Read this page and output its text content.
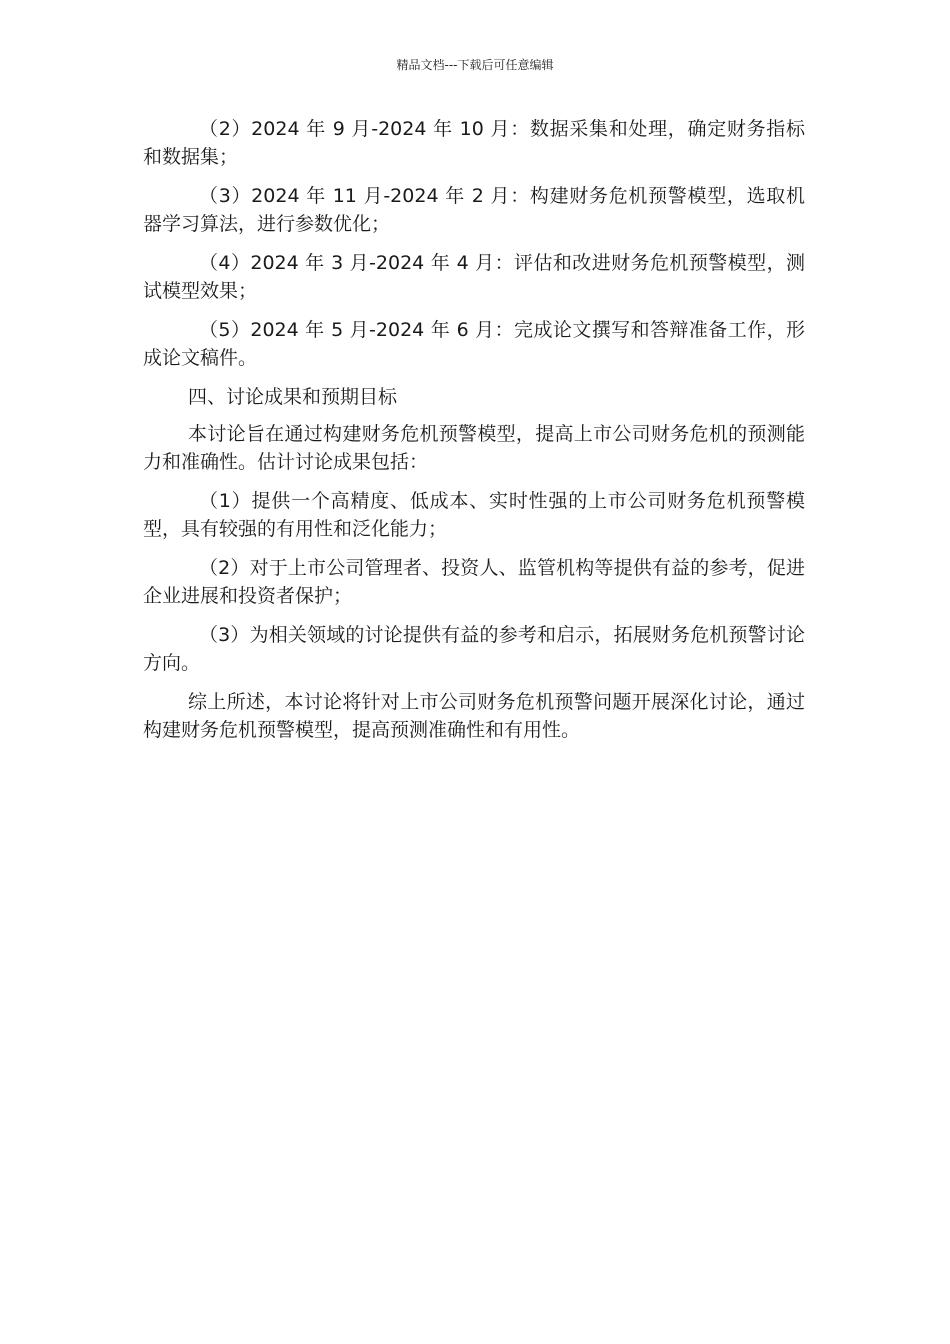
精品文档---下载后可任意编辑

（2）2024 年 9 月-2024 年 10 月：数据采集和处理，确定财务指标和数据集；

（3）2024 年 11 月-2024 年 2 月：构建财务危机预警模型，选取机器学习算法，进行参数优化；

（4）2024 年 3 月-2024 年 4 月：评估和改进财务危机预警模型，测试模型效果；

（5）2024 年 5 月-2024 年 6 月：完成论文撰写和答辩准备工作，形成论文稿件。

四、讨论成果和预期目标

本讨论旨在通过构建财务危机预警模型，提高上市公司财务危机的预测能力和准确性。估计讨论成果包括：

（1）提供一个高精度、低成本、实时性强的上市公司财务危机预警模型，具有较强的有用性和泛化能力；

（2）对于上市公司管理者、投资人、监管机构等提供有益的参考，促进企业进展和投资者保护；

（3）为相关领域的讨论提供有益的参考和启示，拓展财务危机预警讨论方向。

综上所述，本讨论将针对上市公司财务危机预警问题开展深化讨论，通过构建财务危机预警模型，提高预测准确性和有用性。
